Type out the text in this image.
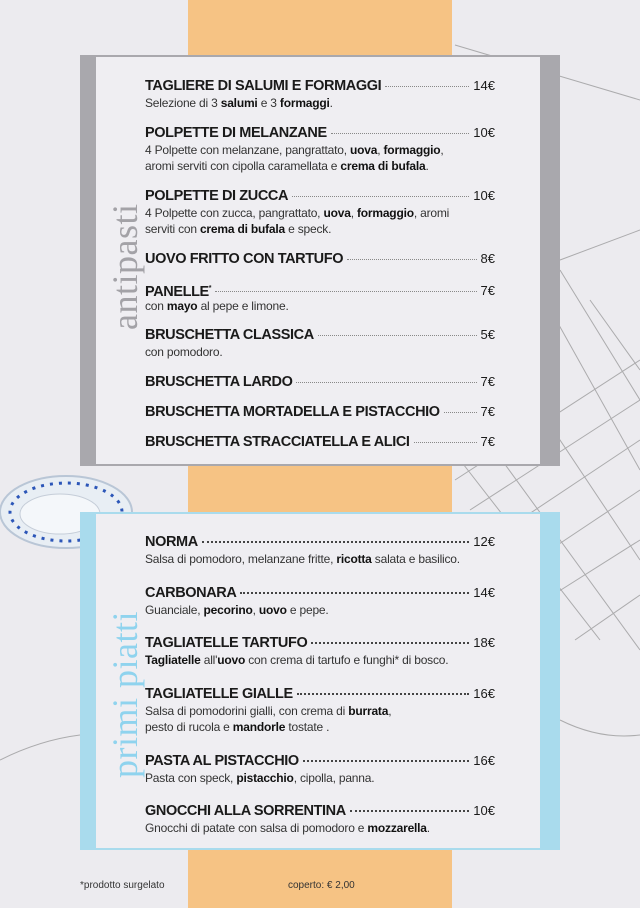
antipasti
TAGLIERE DI SALUMI E FORMAGGI	14€
Selezione di 3 salumi e 3 formaggi.
POLPETTE DI MELANZANE	10€
4 Polpette con melanzane, pangrattato, uova, formaggio,
aromi serviti con cipolla caramellata e crema di bufala.
POLPETTE DI ZUCCA	10€
4 Polpette con zucca, pangrattato, uova, formaggio, aromi
serviti con crema di bufala e speck.
UOVO FRITTO CON TARTUFO	8€
PANELLE*	7€
con mayo al pepe e limone.
BRUSCHETTA CLASSICA	5€
con pomodoro.
BRUSCHETTA LARDO	7€
BRUSCHETTA MORTADELLA E PISTACCHIO	7€
BRUSCHETTA STRACCIATELLA E ALICI	7€
primi piatti
NORMA	12€
Salsa di pomodoro, melanzane fritte, ricotta salata e basilico.
CARBONARA	14€
Guanciale, pecorino, uovo e pepe.
TAGLIATELLE TARTUFO	18€
Tagliatelle all'uovo con crema di tartufo e funghi* di bosco.
TAGLIATELLE GIALLE	16€
Salsa di pomodorini gialli, con crema di burrata,
pesto di rucola e mandorle tostate .
PASTA AL PISTACCHIO	16€
Pasta con speck, pistacchio, cipolla, panna.
GNOCCHI ALLA SORRENTINA	10€
Gnocchi di patate con salsa di pomodoro e mozzarella.
*prodotto surgelato	coperto: € 2,00
